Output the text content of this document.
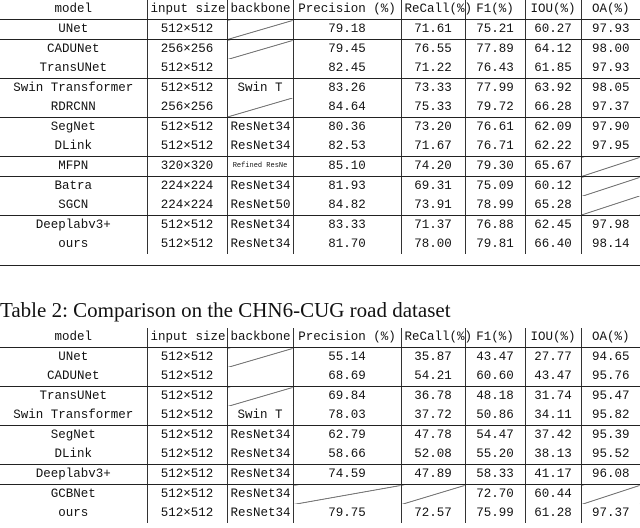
model	input size	backbone	Precision (%)	ReCall(%)	F1(%)	IOU(%)	OA(%)
UNet	512×512		79.18	71.61	75.21	60.27	97.93
CADUNet	256×256		79.45	76.55	77.89	64.12	98.00
TransUNet	512×512		82.45	71.22	76.43	61.85	97.93
Swin Transformer	512×512	Swin T	83.26	73.33	77.99	63.92	98.05
RDRCNN	256×256		84.64	75.33	79.72	66.28	97.37
SegNet	512×512	ResNet34	80.36	73.20	76.61	62.09	97.90
DLink	512×512	ResNet34	82.53	71.67	76.71	62.22	97.95
MFPN	320×320	Refined ResNe	85.10	74.20	79.30	65.67	
Batra	224×224	ResNet34	81.93	69.31	75.09	60.12	
SGCN	224×224	ResNet50	84.82	73.91	78.99	65.28	
Deeplabv3+	512×512	ResNet34	83.33	71.37	76.88	62.45	97.98
ours	512×512	ResNet34	81.70	78.00	79.81	66.40	98.14
Table 2: Comparison on the CHN6-CUG road dataset
model	input size	backbone	Precision (%)	ReCall(%)	F1(%)	IOU(%)	OA(%)
UNet	512×512		55.14	35.87	43.47	27.77	94.65
CADUNet	512×512		68.69	54.21	60.60	43.47	95.76
TransUNet	512×512		69.84	36.78	48.18	31.74	95.47
Swin Transformer	512×512	Swin T	78.03	37.72	50.86	34.11	95.82
SegNet	512×512	ResNet34	62.79	47.78	54.47	37.42	95.39
DLink	512×512	ResNet34	58.66	52.08	55.20	38.13	95.52
Deeplabv3+	512×512	ResNet34	74.59	47.89	58.33	41.17	96.08
GCBNet	512×512	ResNet34			72.70	60.44	
ours	512×512	ResNet34	79.75	72.57	75.99	61.28	97.37
